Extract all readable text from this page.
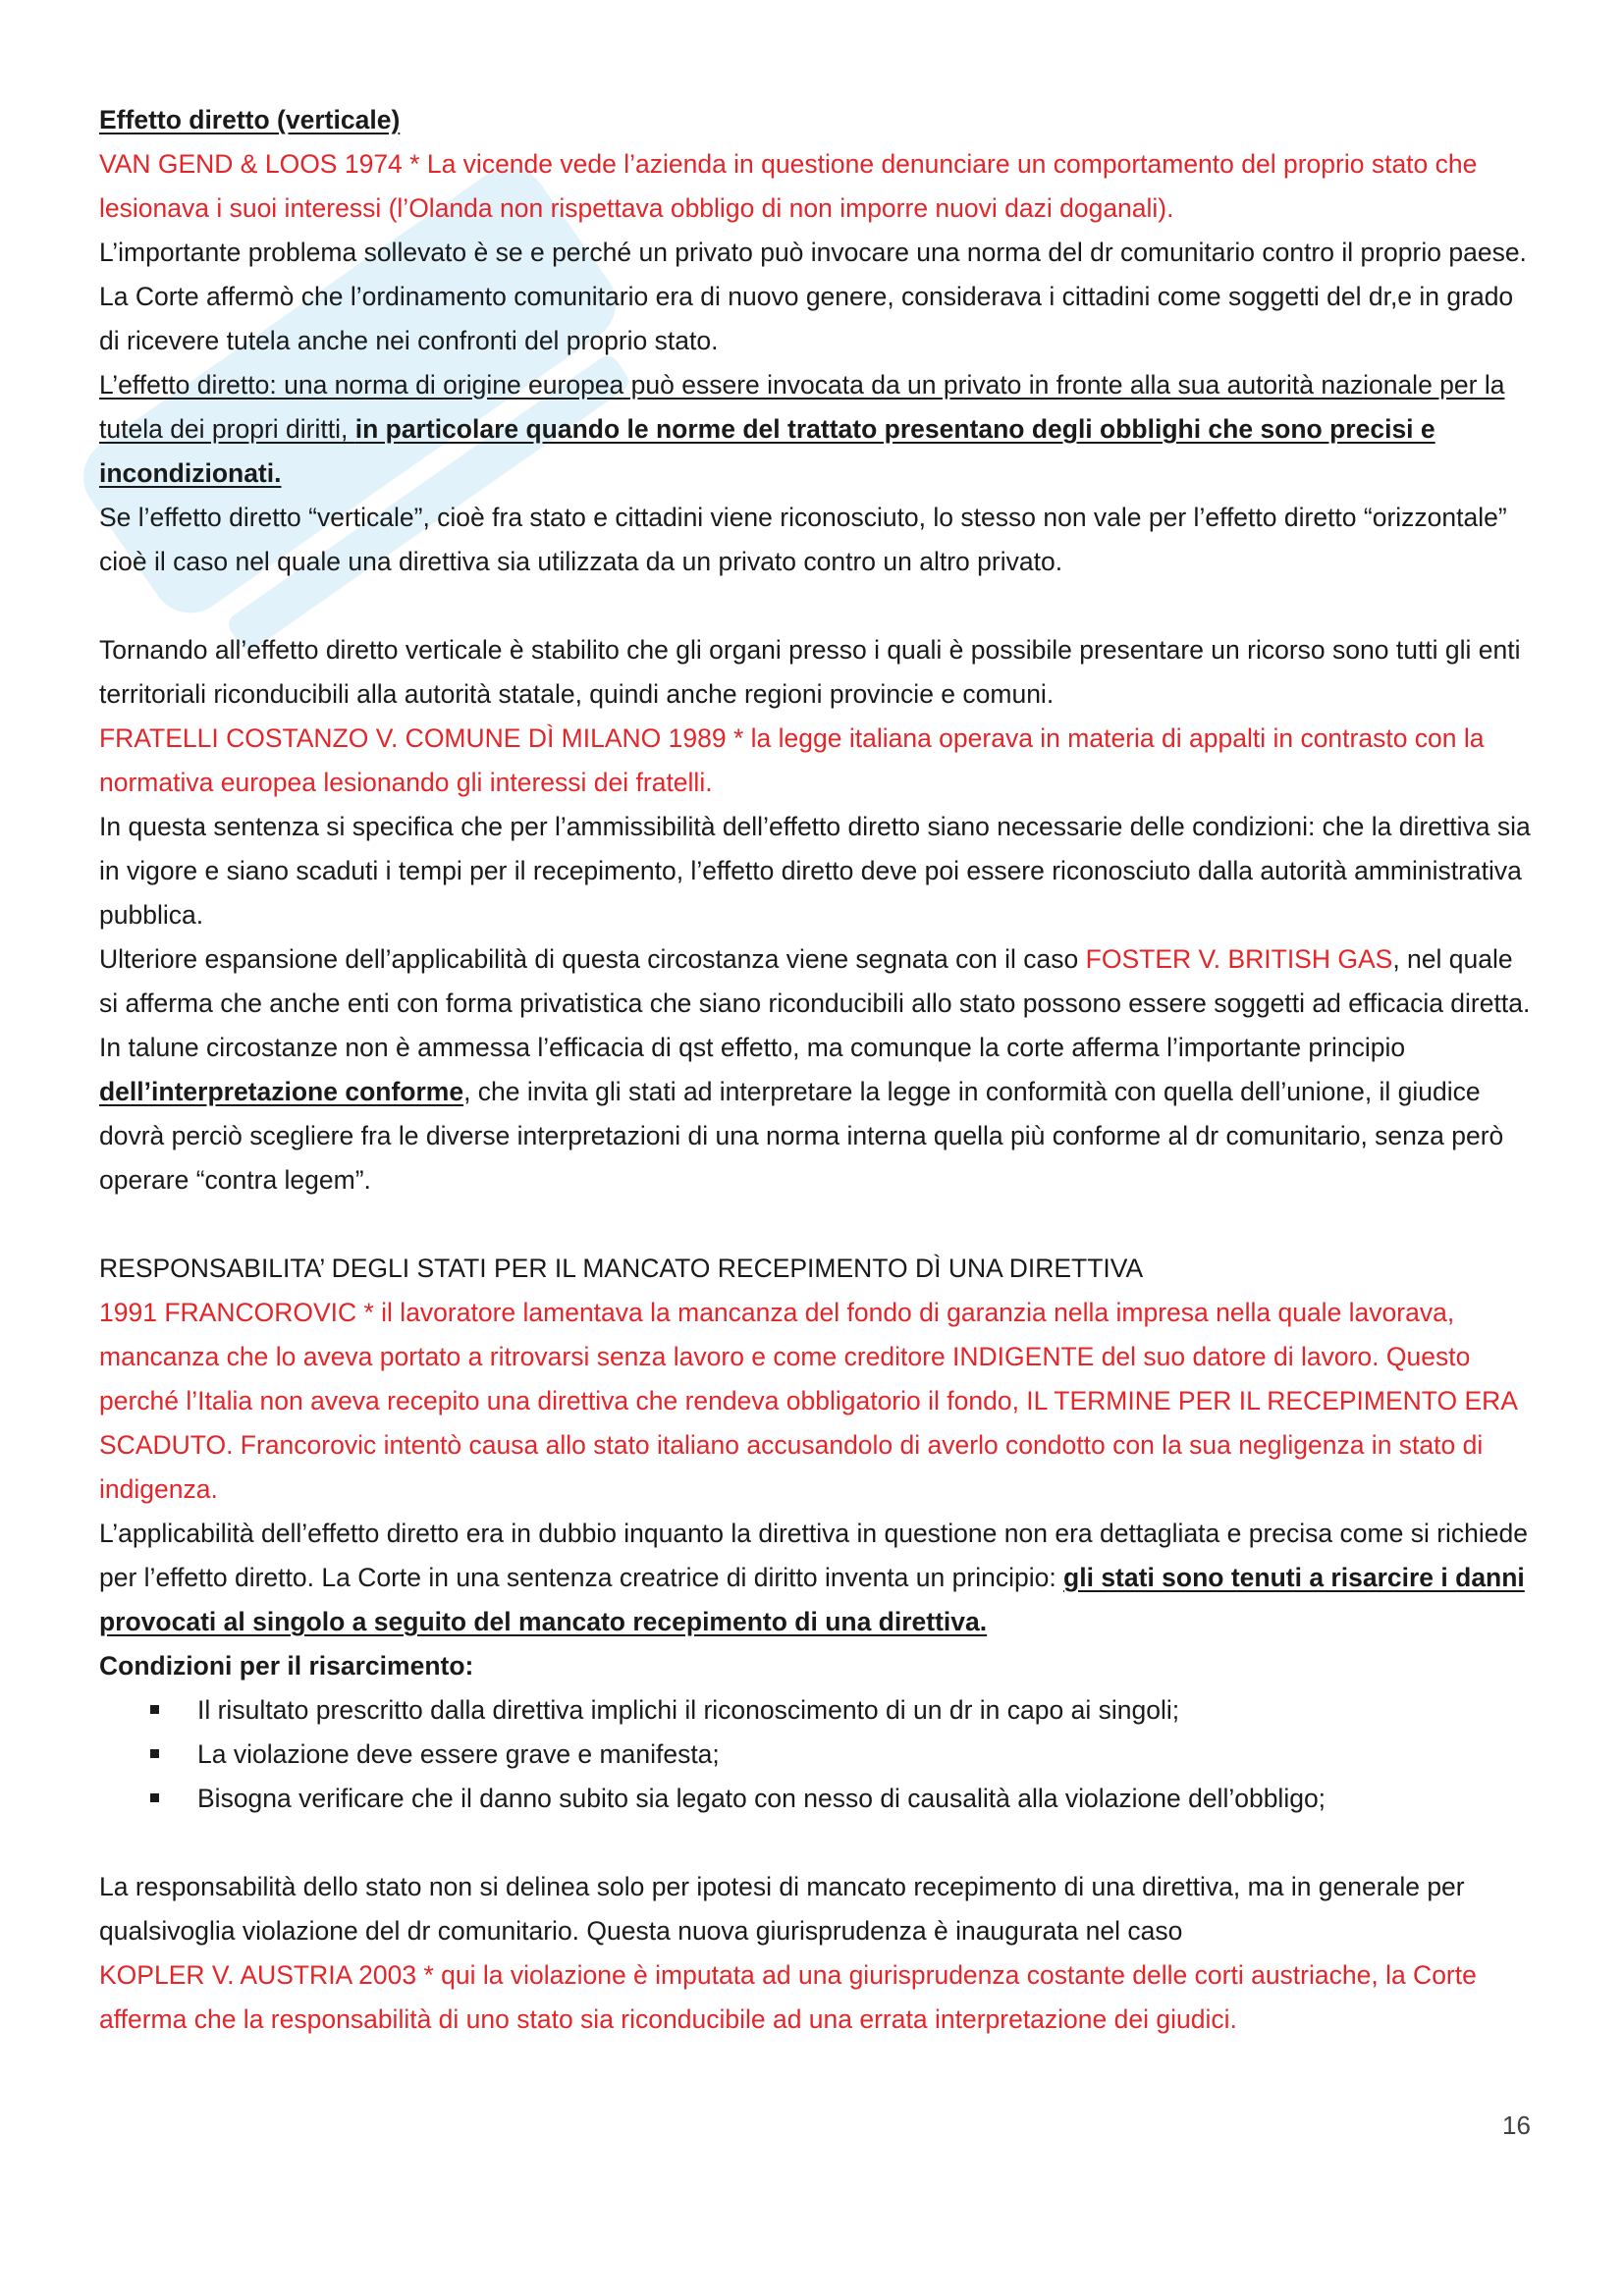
Effetto diretto (verticale)

VAN GEND & LOOS 1974 * La vicende vede l’azienda in questione denunciare un comportamento del proprio stato che lesionava i suoi interessi (l’Olanda non rispettava obbligo di non imporre nuovi dazi doganali).

L’importante problema sollevato è se e perché un privato può invocare una norma del dr comunitario contro il proprio paese. La Corte affermò che l’ordinamento comunitario era di nuovo genere, considerava i cittadini come soggetti del dr,e in grado di ricevere tutela anche nei confronti del proprio stato.

L’effetto diretto: una norma di origine europea può essere invocata da un privato in fronte alla sua autorità nazionale per la tutela dei propri diritti, in particolare quando le norme del trattato presentano degli obblighi che sono precisi e incondizionati.

Se l’effetto diretto “verticale”, cioè fra stato e cittadini viene riconosciuto, lo stesso non vale per l’effetto diretto “orizzontale” cioè il caso nel quale una direttiva sia utilizzata da un privato contro un altro privato.

Tornando all’effetto diretto verticale è stabilito che gli organi presso i quali è possibile presentare un ricorso sono tutti gli enti territoriali riconducibili alla autorità statale, quindi anche regioni provincie e comuni.

FRATELLI COSTANZO V. COMUNE DÌ MILANO 1989 * la legge italiana operava in materia di appalti in contrasto con la normativa europea lesionando gli interessi dei fratelli.

In questa sentenza si specifica che per l’ammissibilità dell’effetto diretto siano necessarie delle condizioni: che la direttiva sia in vigore e siano scaduti i tempi per il recepimento, l’effetto diretto deve poi essere riconosciuto dalla autorità amministrativa pubblica.

Ulteriore espansione dell’applicabilità di questa circostanza viene segnata con il caso FOSTER V. BRITISH GAS, nel quale si afferma che anche enti con forma privatistica che siano riconducibili allo stato possono essere soggetti ad efficacia diretta.

In talune circostanze non è ammessa l’efficacia di qst effetto, ma comunque la corte afferma l’importante principio dell’interpretazione conforme, che invita gli stati ad interpretare la legge in conformità con quella dell’unione, il giudice dovrà perciò scegliere fra le diverse interpretazioni di una norma interna quella più conforme al dr comunitario, senza però operare “contra legem”.

RESPONSABILITA’ DEGLI STATI PER IL MANCATO RECEPIMENTO DÌ UNA DIRETTIVA

1991 FRANCOROVIC * il lavoratore lamentava la mancanza del fondo di garanzia nella impresa nella quale lavorava, mancanza che lo aveva portato a ritrovarsi senza lavoro e come creditore INDIGENTE del suo datore di lavoro. Questo perché l’Italia non aveva recepito una direttiva che rendeva obbligatorio il fondo, IL TERMINE PER IL RECEPIMENTO ERA SCADUTO. Francorovic intentò causa allo stato italiano accusandolo di averlo condotto con la sua negligenza in stato di indigenza.

L’applicabilità dell’effetto diretto era in dubbio inquanto la direttiva in questione non era dettagliata e precisa come si richiede per l’effetto diretto. La Corte in una sentenza creatrice di diritto inventa un principio: gli stati sono tenuti a risarcire i danni provocati al singolo a seguito del mancato recepimento di una direttiva.

Condizioni per il risarcimento:

Il risultato prescritto dalla direttiva implichi il riconoscimento di un dr in capo ai singoli;
La violazione deve essere grave e manifesta;
Bisogna verificare che il danno subito sia legato con nesso di causalità alla violazione dell’obbligo;

La responsabilità dello stato non si delinea solo per ipotesi di mancato recepimento di una direttiva, ma in generale per qualsivoglia violazione del dr comunitario. Questa nuova giurisprudenza è inaugurata nel caso

KOPLER V. AUSTRIA 2003 * qui la violazione è imputata ad una giurisprudenza costante delle corti austriache, la Corte afferma che la responsabilità di uno stato sia riconducibile ad una errata interpretazione dei giudici.

16
